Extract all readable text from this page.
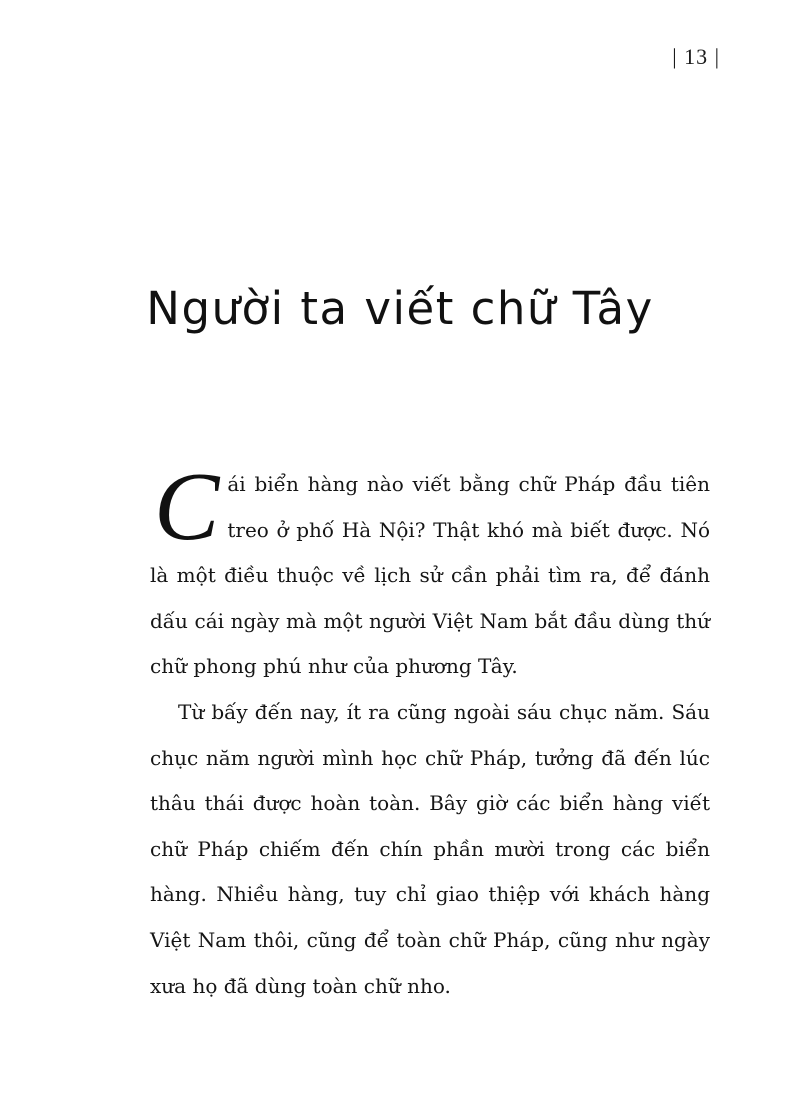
| 13 |
Người ta viết chữ Tây

Cái biển hàng nào viết bằng chữ Pháp đầu tiên treo ở phố Hà Nội? Thật khó mà biết được. Nó là một điều thuộc về lịch sử cần phải tìm ra, để đánh dấu cái ngày mà một người Việt Nam bắt đầu dùng thứ chữ phong phú như của phương Tây.

Từ bấy đến nay, ít ra cũng ngoài sáu chục năm. Sáu chục năm người mình học chữ Pháp, tưởng đã đến lúc thâu thái được hoàn toàn. Bây giờ các biển hàng viết chữ Pháp chiếm đến chín phần mười trong các biển hàng. Nhiều hàng, tuy chỉ giao thiệp với khách hàng Việt Nam thôi, cũng để toàn chữ Pháp, cũng như ngày xưa họ đã dùng toàn chữ nho.
